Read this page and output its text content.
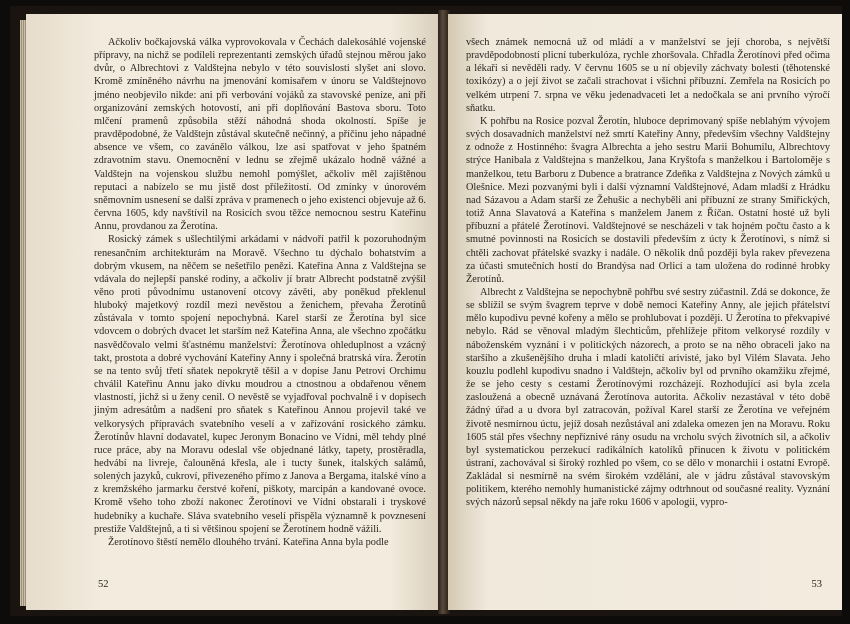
Ačkoliv bočkajovská válka vyprovokovala v Čechách dalekosáhlé vojenské přípravy, na nichž se podíleli reprezentanti zemských úřadů stejnou měrou jako dvůr, o Albrechtovi z Valdštejna nebylo v této souvislosti slyšet ani slovo. Kromě zmíněného návrhu na jmenování komisařem v únoru se Valdštejnovo jméno neobjevilo nikde: ani při verbování vojáků za stavovské peníze, ani při organizování zemských hotovostí, ani při doplňování Bastova sboru. Toto mlčení pramenů způsobila stěží náhodná shoda okolností. Spíše je pravděpodobné, že Valdštejn zůstával skutečně nečinný, a příčinu jeho nápadné absence ve všem, co zavánělo válkou, lze asi spatřovat v jeho špatném zdravotním stavu. Onemocnění v lednu se zřejmě ukázalo hodně vážné a Valdštejn na vojenskou službu nemohl pomýšlet, ačkoliv měl zajištěnou reputaci a nabízelo se mu jistě dost příležitostí. Od zmínky v únorovém sněmovním usnesení se další zpráva v pramenech o jeho existenci objevuje až 6. června 1605, kdy navštívil na Rosicích svou těžce nemocnou sestru Kateřinu Annu, provdanou za Žerotína.

Rosický zámek s ušlechtilými arkádami v nádvoří patřil k pozoruhodným renesančním architekturám na Moravě. Všechno tu dýchalo bohatstvím a dobrým vkusem, na něčem se nešetřilo penězi. Kateřina Anna z Valdštejna se vdávala do nejlepší panské rodiny, a ačkoliv jí bratr Albrecht podstatně zvýšil věno proti původnímu ustanovení otcovy závěti, aby poněkud překlenul hluboký majetkový rozdíl mezi nevěstou a ženichem, převaha Žerotínů zůstávala v tomto spojení nepochybná. Karel starší ze Žerotína byl sice vdovcem o dobrých dvacet let starším než Kateřina Anna, ale všechno zpočátku nasvědčovalo velmi šťastnému manželství: Žerotínova ohleduplnost a vzácný takt, prostota a dobré vychování Kateřiny Anny i společná bratrská víra. Žerotín se na tento svůj třetí sňatek nepokrytě těšil a v dopise Janu Petrovi Orchimu chválil Kateřinu Annu jako dívku moudrou a ctnostnou a obdařenou věnem vlastností, jichž si u ženy cenil. O nevěstě se vyjadřoval pochvalně i v dopisech jiným adresátům a nadšení pro sňatek s Kateřinou Annou projevil také ve velkorysých přípravách svatebního veselí a v zařízování rosického zámku. Žerotínův hlavní dodavatel, kupec Jeronym Bonacino ve Vídni, měl tehdy plné ruce práce, aby na Moravu odeslal vše objednané látky, tapety, prostěradla, hedvábí na livreje, čalouněná křesla, ale i tucty šunek, italských salámů, solených jazyků, cukroví, přivezeného přímo z Janova a Bergama, italské víno a z kremžského jarmarku čerstvé koření, piškoty, marcipán a kandované ovoce. Kromě všeho toho zboží nakonec Žerotínovi ve Vídni obstarali i tryskové hudebníky a kuchaře. Sláva svatebního veselí přispěla významně k povznesení prestiže Valdštejnů, a ti si většinou spojení se Žerotínem hodně vážili.

Žerotínovo štěstí nemělo dlouhého trvání. Kateřina Anna byla podle

52

všech známek nemocná už od mládí a v manželství se její choroba, s největší pravděpodobností plicní tuberkulóza, rychle zhoršovala. Chřadla Žerotínovi před očima a lékaři si nevěděli rady. V červnu 1605 se u ní objevily záchvaty bolesti (těhotenské toxikózy) a o její život se začali strachovat i všichni příbuzní. Zemřela na Rosicích po velkém utrpení 7. srpna ve věku jedenadvaceti let a nedočkala se ani prvního výročí sňatku.

K pohřbu na Rosice pozval Žerotín, hluboce deprimovaný spíše neblahým vývojem svých dosavadních manželství než smrtí Kateřiny Anny, především všechny Valdštejny z odnože z Hostinného: švagra Albrechta a jeho sestru Marii Bohumilu, Albrechtovy strýce Hanibala z Valdštejna s manželkou, Jana Kryštofa s manželkou i Bartoloměje s manželkou, tetu Barboru z Dubence a bratrance Zdeňka z Valdštejna z Nových zámků u Olešnice. Mezi pozvanými byli i další významní Valdštejnové, Adam mladší z Hrádku nad Sázavou a Adam starší ze Žehušic a nechyběli ani příbuzní ze strany Smiřických, totiž Anna Slavatová a Kateřina s manželem Janem z Říčan. Ostatní hosté už byli příbuzní a přátelé Žerotínovi. Valdštejnové se nescházeli v tak hojném počtu často a k smutné povinnosti na Rosicích se dostavili především z úcty k Žerotínovi, s nímž si chtěli zachovat přátelské svazky i nadále. O několik dnů později byla rakev převezena za účasti smutečních hostí do Brandýsa nad Orlicí a tam uložena do rodinné hrobky Žerotínů.

Albrecht z Valdštejna se nepochybně pohřbu své sestry zúčastnil. Zdá se dokonce, že se sblížil se svým švagrem teprve v době nemoci Kateřiny Anny, ale jejich přátelství mělo kupodivu pevné kořeny a mělo se prohlubovat i později. U Žerotína to překvapivé nebylo. Rád se věnoval mladým šlechticům, přehlížeje přitom velkorysé rozdíly v náboženském vyznání i v politických názorech, a proto se na něho obraceli jako na staršího a zkušenějšího druha i mladí katoličtí arivisté, jako byl Vilém Slavata. Jeho kouzlu podlehl kupodivu snadno i Valdštejn, ačkoliv byl od prvního okamžiku zřejmé, že se jeho cesty s cestami Žerotínovými rozcházejí. Rozhodující asi byla zcela zasloužená a obecně uznávaná Žerotínova autorita. Ačkoliv nezastával v této době žádný úřad a u dvora byl zatracován, požíval Karel starší ze Žerotína ve veřejném životě nesmírnou úctu, jejíž dosah nezůstával ani zdaleka omezen jen na Moravu. Roku 1605 stál přes všechny nepříznivé rány osudu na vrcholu svých životních sil, a ačkoliv byl systematickou perzekucí radikálních katolíků přinucen k životu v politickém ústraní, zachovával si široký rozhled po všem, co se dělo v monarchii i ostatní Evropě. Zakládal si nesmírně na svém širokém vzdělání, ale v jádru zůstával stavovským politikem, kterého nemohly humanistické zájmy odtrhnout od současné reality. Vyznání svých názorů sepsal někdy na jaře roku 1606 v apologii, vypro-

53
